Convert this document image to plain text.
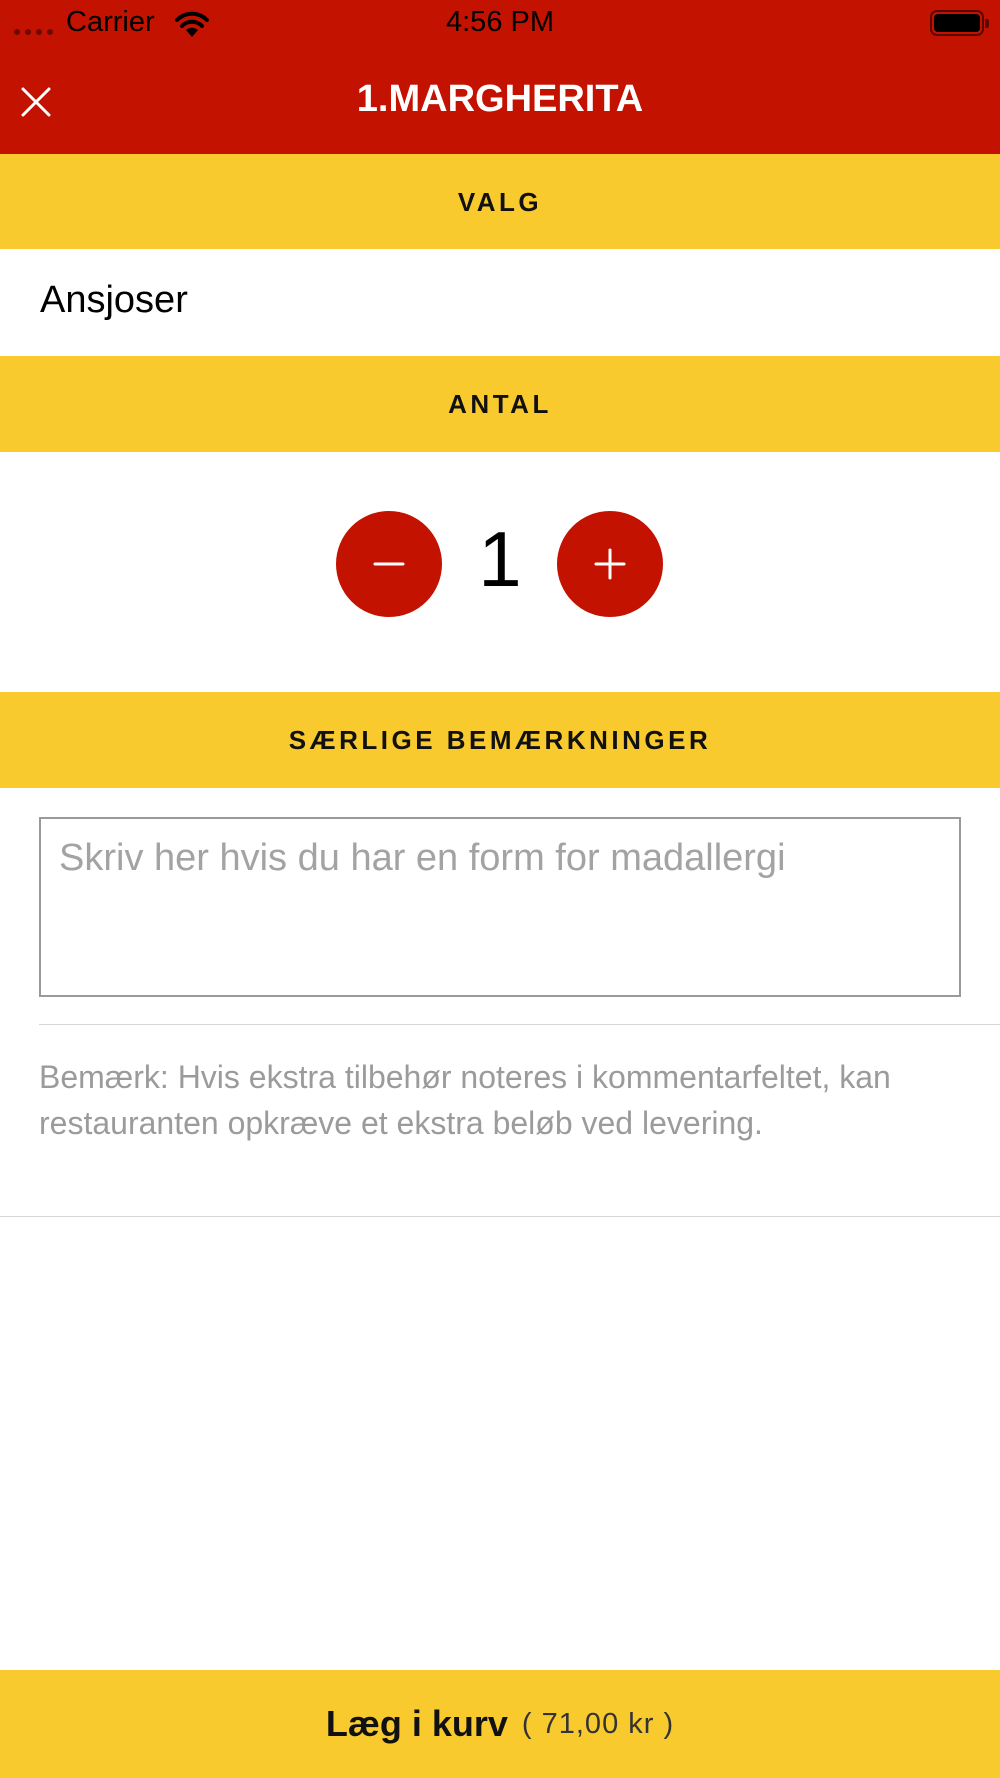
Carrier	4:56 PM
1.MARGHERITA
VALG
Ansjoser
ANTAL
1
SÆRLIGE BEMÆRKNINGER
Skriv her hvis du har en form for madallergi
Bemærk: Hvis ekstra tilbehør noteres i kommentarfeltet, kan restauranten opkræve et ekstra beløb ved levering.
Læg i kurv ( 71,00 kr )
